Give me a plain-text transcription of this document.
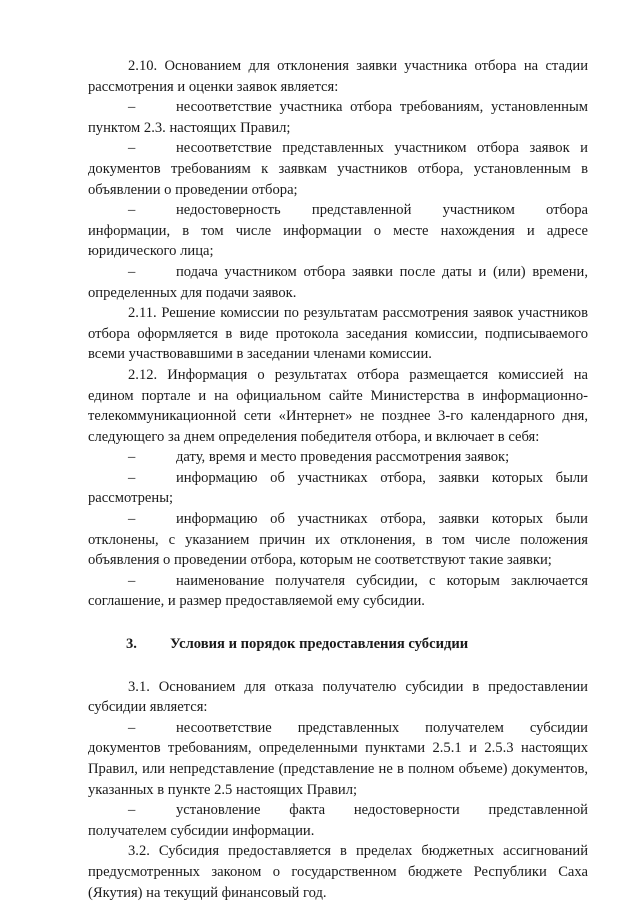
2.10. Основанием для отклонения заявки участника отбора на стадии рассмотрения и оценки заявок является:

–	несоответствие участника отбора требованиям, установленным пунктом 2.3. настоящих Правил;

–	несоответствие представленных участником отбора заявок и документов требованиям к заявкам участников отбора, установленным в объявлении о проведении отбора;

–	недостоверность представленной участником отбора информации, в том числе информации о месте нахождения и адресе юридического лица;

–	подача участником отбора заявки после даты и (или) времени, определенных для подачи заявок.

2.11. Решение комиссии по результатам рассмотрения заявок участников отбора оформляется в виде протокола заседания комиссии, подписываемого всеми участвовавшими в заседании членами комиссии.

2.12. Информация о результатах отбора размещается комиссией на едином портале и на официальном сайте Министерства в информационно-телекоммуникационной сети «Интернет» не позднее 3-го календарного дня, следующего за днем определения победителя отбора, и включает в себя:

–	дату, время и место проведения рассмотрения заявок;

–	информацию об участниках отбора, заявки которых были рассмотрены;

–	информацию об участниках отбора, заявки которых были отклонены, с указанием причин их отклонения, в том числе положения объявления о проведении отбора, которым не соответствуют такие заявки;

–	наименование получателя субсидии, с которым заключается соглашение, и размер предоставляемой ему субсидии.

3. Условия и порядок предоставления субсидии

3.1. Основанием для отказа получателю субсидии в предоставлении субсидии является:

–	несоответствие представленных получателем субсидии документов требованиям, определенными пунктами 2.5.1 и 2.5.3 настоящих Правил, или непредставление (представление не в полном объеме) документов, указанных в пункте 2.5 настоящих Правил;

–	установление факта недостоверности представленной получателем субсидии информации.

3.2. Субсидия предоставляется в пределах бюджетных ассигнований предусмотренных законом о государственном бюджете Республики Саха (Якутия) на текущий финансовый год.
